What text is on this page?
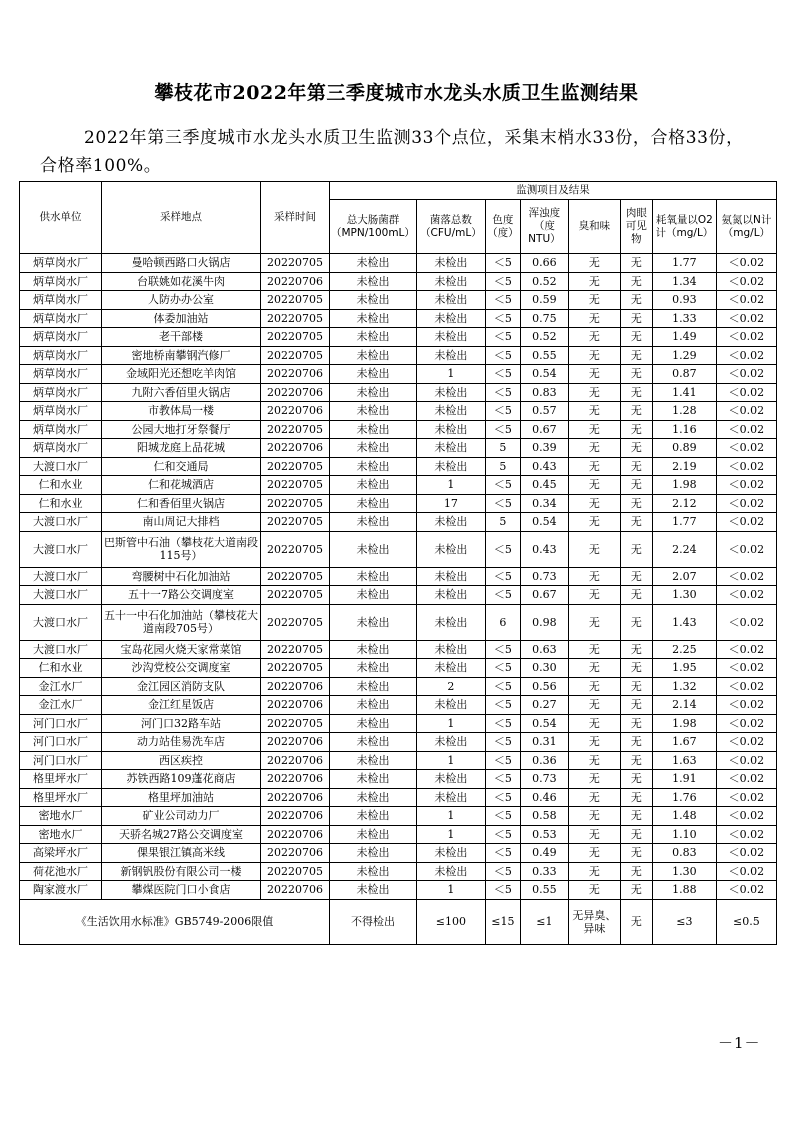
攀枝花市2022年第三季度城市水龙头水质卫生监测结果
2022年第三季度城市水龙头水质卫生监测33个点位，采集末梢水33份，合格33份，合格率100%。
供水单位	采样地点	采样时间	监测项目及结果							
			总大肠菌群（MPN/100mL）	菌落总数（CFU/mL）	色度（度）	浑浊度（度NTU）	臭和味	肉眼可见物	耗氧量以O2计（mg/L）	氨氮以N计（mg/L）
炳草岗水厂	曼哈顿西路口火锅店	20220705	未检出	未检出	＜5	0.66	无	无	1.77	＜0.02
炳草岗水厂	台联姚如花溪牛肉	20220706	未检出	未检出	＜5	0.52	无	无	1.34	＜0.02
炳草岗水厂	人防办办公室	20220705	未检出	未检出	＜5	0.59	无	无	0.93	＜0.02
炳草岗水厂	体委加油站	20220705	未检出	未检出	＜5	0.75	无	无	1.33	＜0.02
炳草岗水厂	老干部楼	20220705	未检出	未检出	＜5	0.52	无	无	1.49	＜0.02
炳草岗水厂	密地桥南攀钢汽修厂	20220705	未检出	未检出	＜5	0.55	无	无	1.29	＜0.02
炳草岗水厂	金域阳光还想吃羊肉馆	20220706	未检出	1	＜5	0.54	无	无	0.87	＜0.02
炳草岗水厂	九附六香佰里火锅店	20220706	未检出	未检出	＜5	0.83	无	无	1.41	＜0.02
炳草岗水厂	市教体局一楼	20220706	未检出	未检出	＜5	0.57	无	无	1.28	＜0.02
炳草岗水厂	公园大地打牙祭餐厅	20220705	未检出	未检出	＜5	0.67	无	无	1.16	＜0.02
炳草岗水厂	阳城龙庭上品花城	20220706	未检出	未检出	5	0.39	无	无	0.89	＜0.02
大渡口水厂	仁和交通局	20220705	未检出	未检出	5	0.43	无	无	2.19	＜0.02
仁和水业	仁和花城酒店	20220705	未检出	1	＜5	0.45	无	无	1.98	＜0.02
仁和水业	仁和香佰里火锅店	20220705	未检出	17	＜5	0.34	无	无	2.12	＜0.02
大渡口水厂	南山周记大排档	20220705	未检出	未检出	5	0.54	无	无	1.77	＜0.02
大渡口水厂	巴斯管中石油（攀枝花大道南段115号）	20220705	未检出	未检出	＜5	0.43	无	无	2.24	＜0.02
大渡口水厂	弯腰树中石化加油站	20220705	未检出	未检出	＜5	0.73	无	无	2.07	＜0.02
大渡口水厂	五十一7路公交调度室	20220705	未检出	未检出	＜5	0.67	无	无	1.30	＜0.02
大渡口水厂	五十一中石化加油站（攀枝花大道南段705号）	20220705	未检出	未检出	6	0.98	无	无	1.43	＜0.02
大渡口水厂	宝岛花园火烧天家常菜馆	20220705	未检出	未检出	＜5	0.63	无	无	2.25	＜0.02
仁和水业	沙沟党校公交调度室	20220705	未检出	未检出	＜5	0.30	无	无	1.95	＜0.02
金江水厂	金江园区消防支队	20220706	未检出	2	＜5	0.56	无	无	1.32	＜0.02
金江水厂	金江红星饭店	20220706	未检出	未检出	＜5	0.27	无	无	2.14	＜0.02
河门口水厂	河门口32路车站	20220705	未检出	1	＜5	0.54	无	无	1.98	＜0.02
河门口水厂	动力站佳易洗车店	20220706	未检出	未检出	＜5	0.31	无	无	1.67	＜0.02
河门口水厂	西区疾控	20220706	未检出	1	＜5	0.36	无	无	1.63	＜0.02
格里坪水厂	苏铁西路109蓬花商店	20220706	未检出	未检出	＜5	0.73	无	无	1.91	＜0.02
格里坪水厂	格里坪加油站	20220706	未检出	未检出	＜5	0.46	无	无	1.76	＜0.02
密地水厂	矿业公司动力厂	20220706	未检出	1	＜5	0.58	无	无	1.48	＜0.02
密地水厂	天骄名城27路公交调度室	20220706	未检出	1	＜5	0.53	无	无	1.10	＜0.02
高梁坪水厂	倮果银江镇高米线	20220706	未检出	未检出	＜5	0.49	无	无	0.83	＜0.02
荷花池水厂	新钢钒股份有限公司一楼	20220705	未检出	未检出	＜5	0.33	无	无	1.30	＜0.02
陶家渡水厂	攀煤医院门口小食店	20220706	未检出	1	＜5	0.55	无	无	1.88	＜0.02
《生活饮用水标准》GB5749-2006限值			不得检出	≤100	≤15	≤1	无异臭、异味	无	≤3	≤0.5
－1－
